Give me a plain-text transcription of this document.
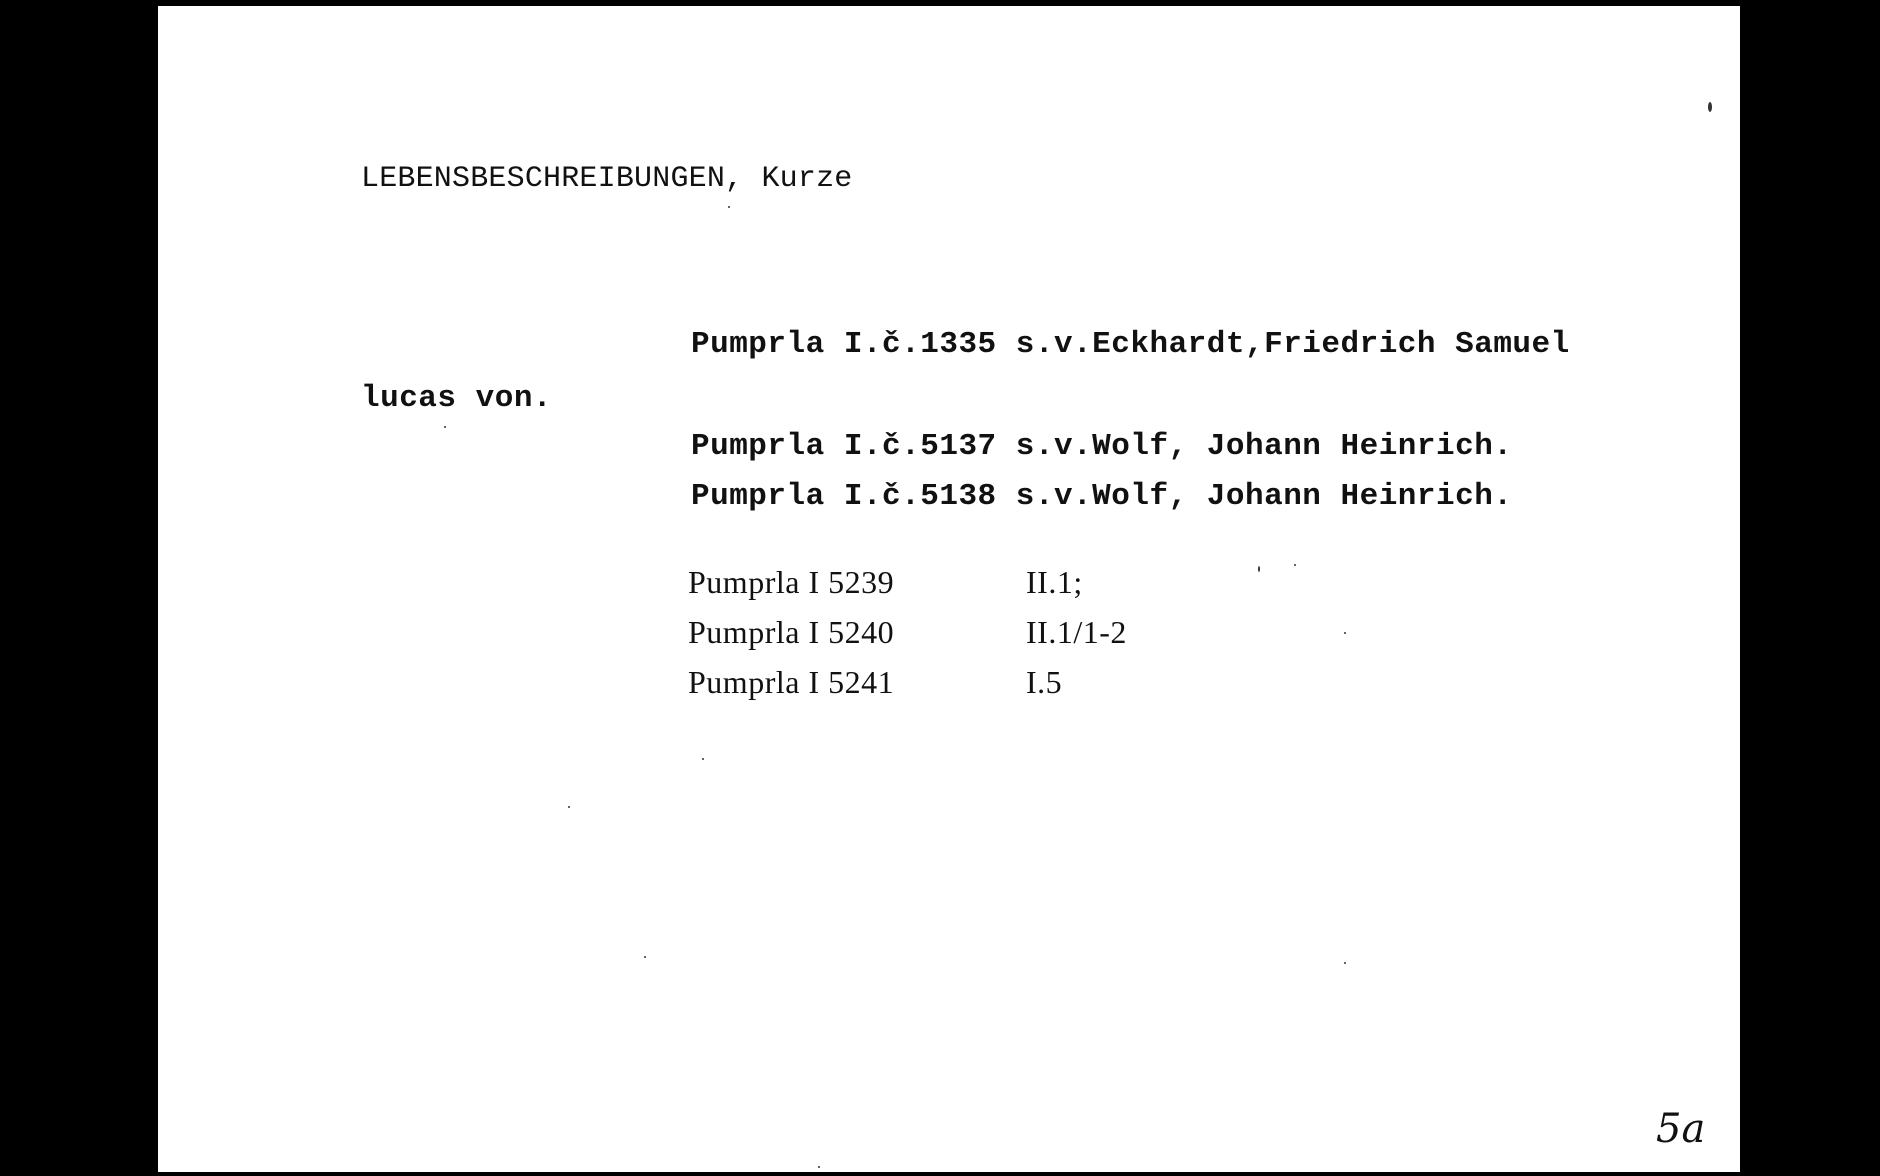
LEBENSBESCHREIBUNGEN, Kurze
Pumprla I.č.1335 s.v.Eckhardt,Friedrich Samuel
lucas von.
Pumprla I.č.5137 s.v.Wolf, Johann Heinrich.
Pumprla I.č.5138 s.v.Wolf, Johann Heinrich.
Pumprla I 5239	II.1;
Pumprla I 5240	II.1/1-2
Pumprla I 5241	I.5
5a
